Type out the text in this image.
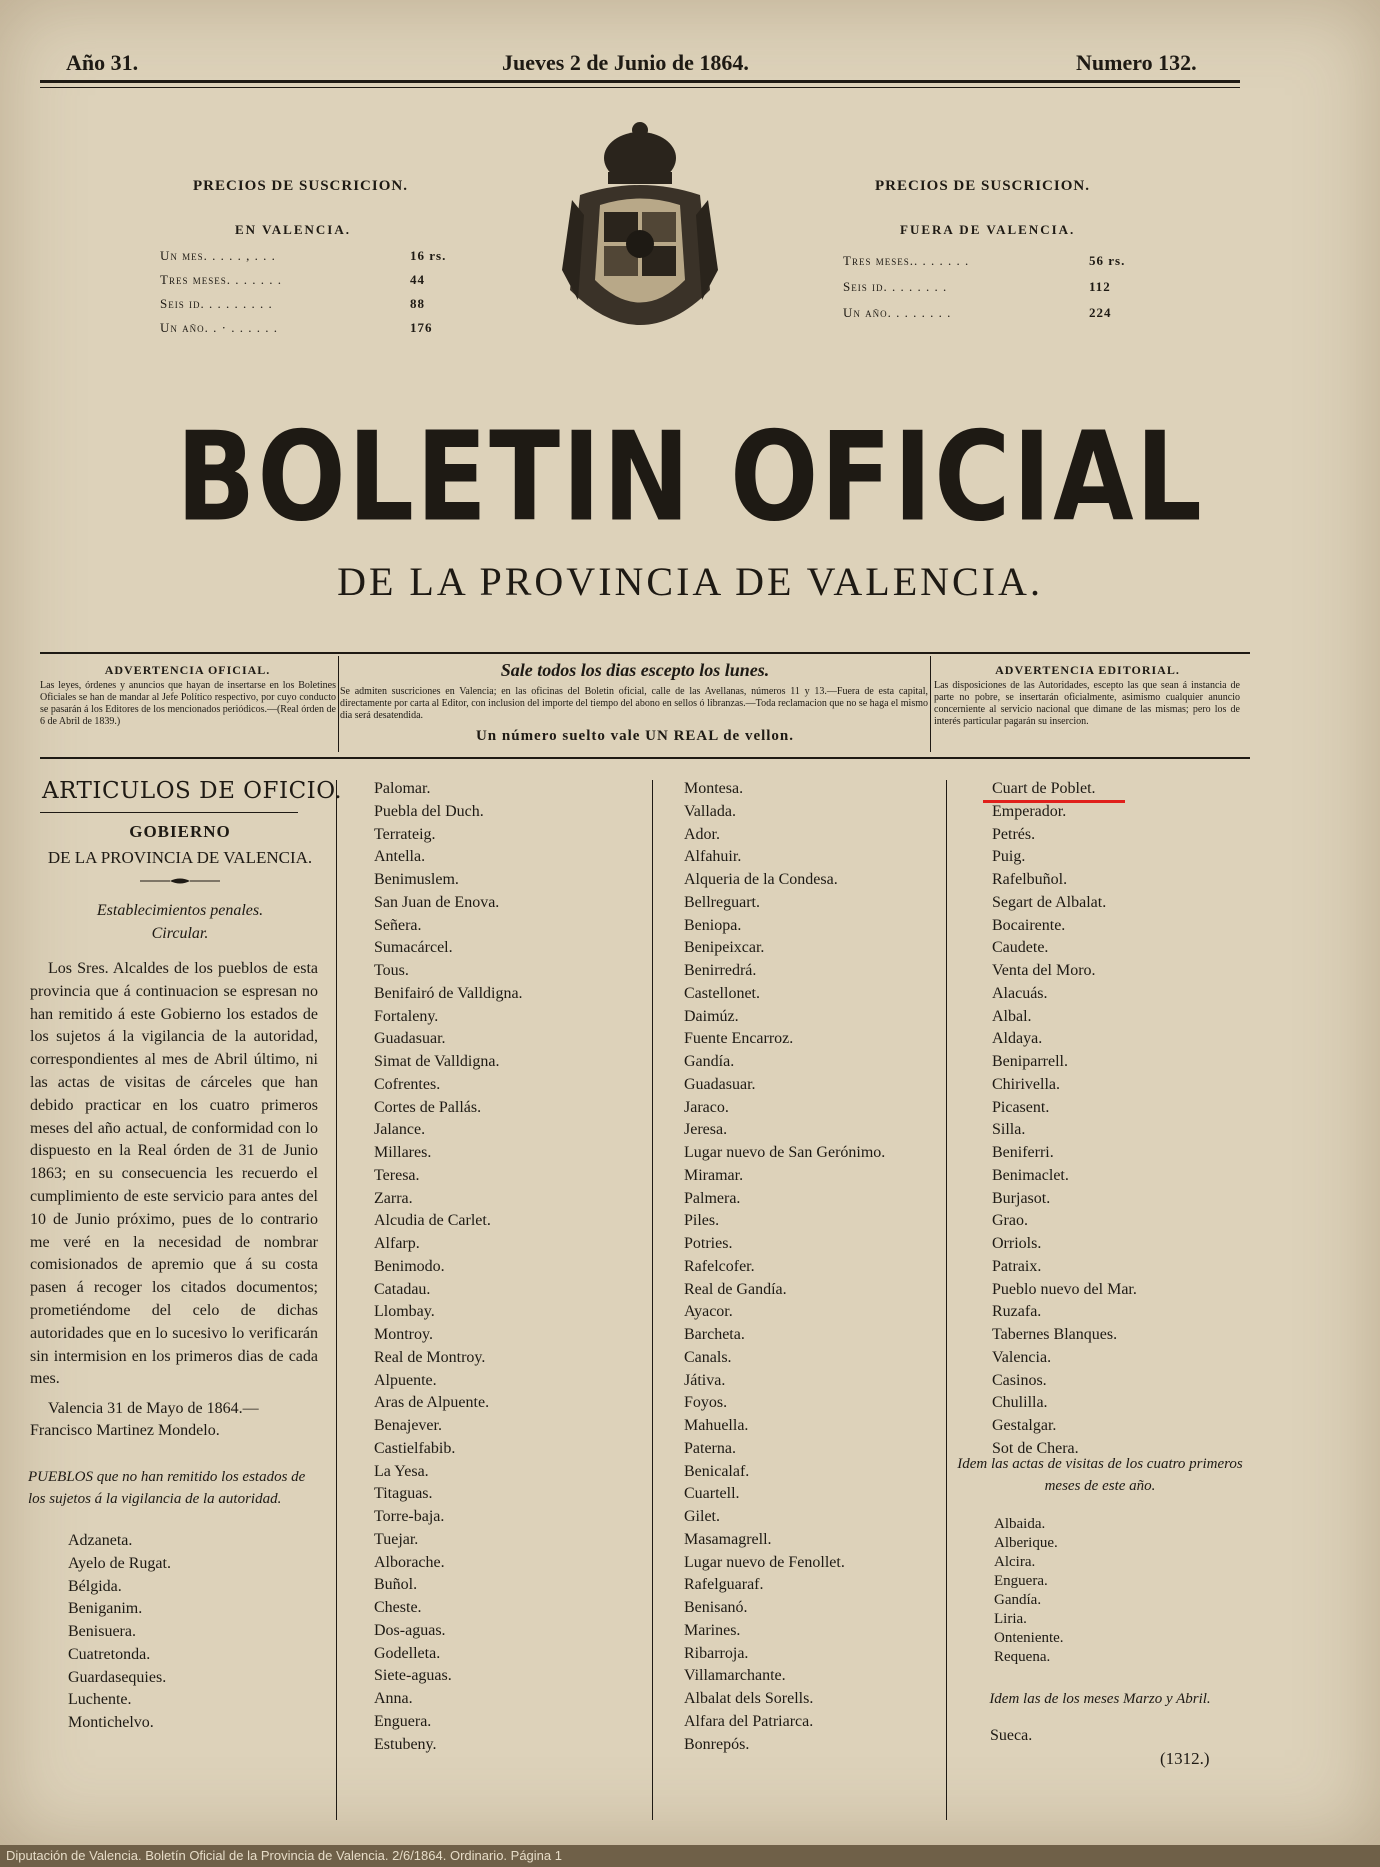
Año 31.	Jueves 2 de Junio de 1864.	Numero 132.
PRECIOS DE SUSCRICION.
EN VALENCIA.
Un mes. . . . . , . . .	16 rs.
Tres meses. . . . . . .	44
Seis id. . . . . . . . .	88
Un año. . · . . . . . .	176
PRECIOS DE SUSCRICION.
FUERA DE VALENCIA.
Tres meses.. . . . . . .	56 rs.
Seis id. . . . . . . .	112
Un año. . . . . . . .	224
BOLETIN OFICIAL
DE LA PROVINCIA DE VALENCIA.
ADVERTENCIA OFICIAL.
Las leyes, órdenes y anuncios que hayan de insertarse en los Boletines Oficiales se han de mandar al Jefe Político respectivo, por cuyo conducto se pasarán á los Editores de los mencionados periódicos.—(Real órden de 6 de Abril de 1839.)
Sale todos los dias escepto los lunes.
Se admiten suscriciones en Valencia; en las oficinas del Boletin oficial, calle de las Avellanas, números 11 y 13.—Fuera de esta capital, directamente por carta al Editor, con inclusion del importe del tiempo del abono en sellos ó libranzas.—Toda reclamacion que no se haga el mismo dia será desatendida.
Un número suelto vale UN REAL de vellon.
ADVERTENCIA EDITORIAL.
Las disposiciones de las Autoridades, escepto las que sean á instancia de parte no pobre, se insertarán oficialmente, asimismo cualquier anuncio concerniente al servicio nacional que dimane de las mismas; pero los de interés particular pagarán su insercion.
ARTICULOS DE OFICIO.
GOBIERNO
DE LA PROVINCIA DE VALENCIA.
Establecimientos penales.
Circular.
Los Sres. Alcaldes de los pueblos de esta provincia que á continuacion se espresan no han remitido á este Gobierno los estados de los sujetos á la vigilancia de la autoridad, correspondientes al mes de Abril último, ni las actas de visitas de cárceles que han debido practicar en los cuatro primeros meses del año actual, de conformidad con lo dispuesto en la Real órden de 31 de Junio 1863; en su consecuencia les recuerdo el cumplimiento de este servicio para antes del 10 de Junio próximo, pues de lo contrario me veré en la necesidad de nombrar comisionados de apremio que á su costa pasen á recoger los citados documentos; prometiéndome del celo de dichas autoridades que en lo sucesivo lo verificarán sin intermision en los primeros dias de cada mes.
Valencia 31 de Mayo de 1864.—Francisco Martinez Mondelo.
PUEBLOS que no han remitido los estados de los sujetos á la vigilancia de la autoridad.
Adzaneta.
Ayelo de Rugat.
Bélgida.
Beniganim.
Benisuera.
Cuatretonda.
Guardasequies.
Luchente.
Montichelvo.
Palomar.
Puebla del Duch.
Terrateig.
Antella.
Benimuslem.
San Juan de Enova.
Señera.
Sumacárcel.
Tous.
Benifairó de Valldigna.
Fortaleny.
Guadasuar.
Simat de Valldigna.
Cofrentes.
Cortes de Pallás.
Jalance.
Millares.
Teresa.
Zarra.
Alcudia de Carlet.
Alfarp.
Benimodo.
Catadau.
Llombay.
Montroy.
Real de Montroy.
Alpuente.
Aras de Alpuente.
Benajever.
Castielfabib.
La Yesa.
Titaguas.
Torre-baja.
Tuejar.
Alborache.
Buñol.
Cheste.
Dos-aguas.
Godelleta.
Siete-aguas.
Anna.
Enguera.
Estubeny.
Montesa.
Vallada.
Ador.
Alfahuir.
Alqueria de la Condesa.
Bellreguart.
Beniopa.
Benipeixcar.
Benirredrá.
Castellonet.
Daimúz.
Fuente Encarroz.
Gandía.
Guadasuar.
Jaraco.
Jeresa.
Lugar nuevo de San Gerónimo.
Miramar.
Palmera.
Piles.
Potries.
Rafelcofer.
Real de Gandía.
Ayacor.
Barcheta.
Canals.
Játiva.
Foyos.
Mahuella.
Paterna.
Benicalaf.
Cuartell.
Gilet.
Masamagrell.
Lugar nuevo de Fenollet.
Rafelguaraf.
Benisanó.
Marines.
Ribarroja.
Villamarchante.
Albalat dels Sorells.
Alfara del Patriarca.
Bonrepós.
Cuart de Poblet.
Emperador.
Petrés.
Puig.
Rafelbuñol.
Segart de Albalat.
Bocairente.
Caudete.
Venta del Moro.
Alacuás.
Albal.
Aldaya.
Beniparrell.
Chirivella.
Picasent.
Silla.
Beniferri.
Benimaclet.
Burjasot.
Grao.
Orriols.
Patraix.
Pueblo nuevo del Mar.
Ruzafa.
Tabernes Blanques.
Valencia.
Casinos.
Chulilla.
Gestalgar.
Sot de Chera.
Idem las actas de visitas de los cuatro primeros meses de este año.
Albaida.
Alberique.
Alcira.
Enguera.
Gandía.
Liria.
Onteniente.
Requena.
Idem las de los meses Marzo y Abril.
Sueca.
(1312.)
Diputación de Valencia. Boletín Oficial de la Provincia de Valencia. 2/6/1864. Ordinario. Página 1
